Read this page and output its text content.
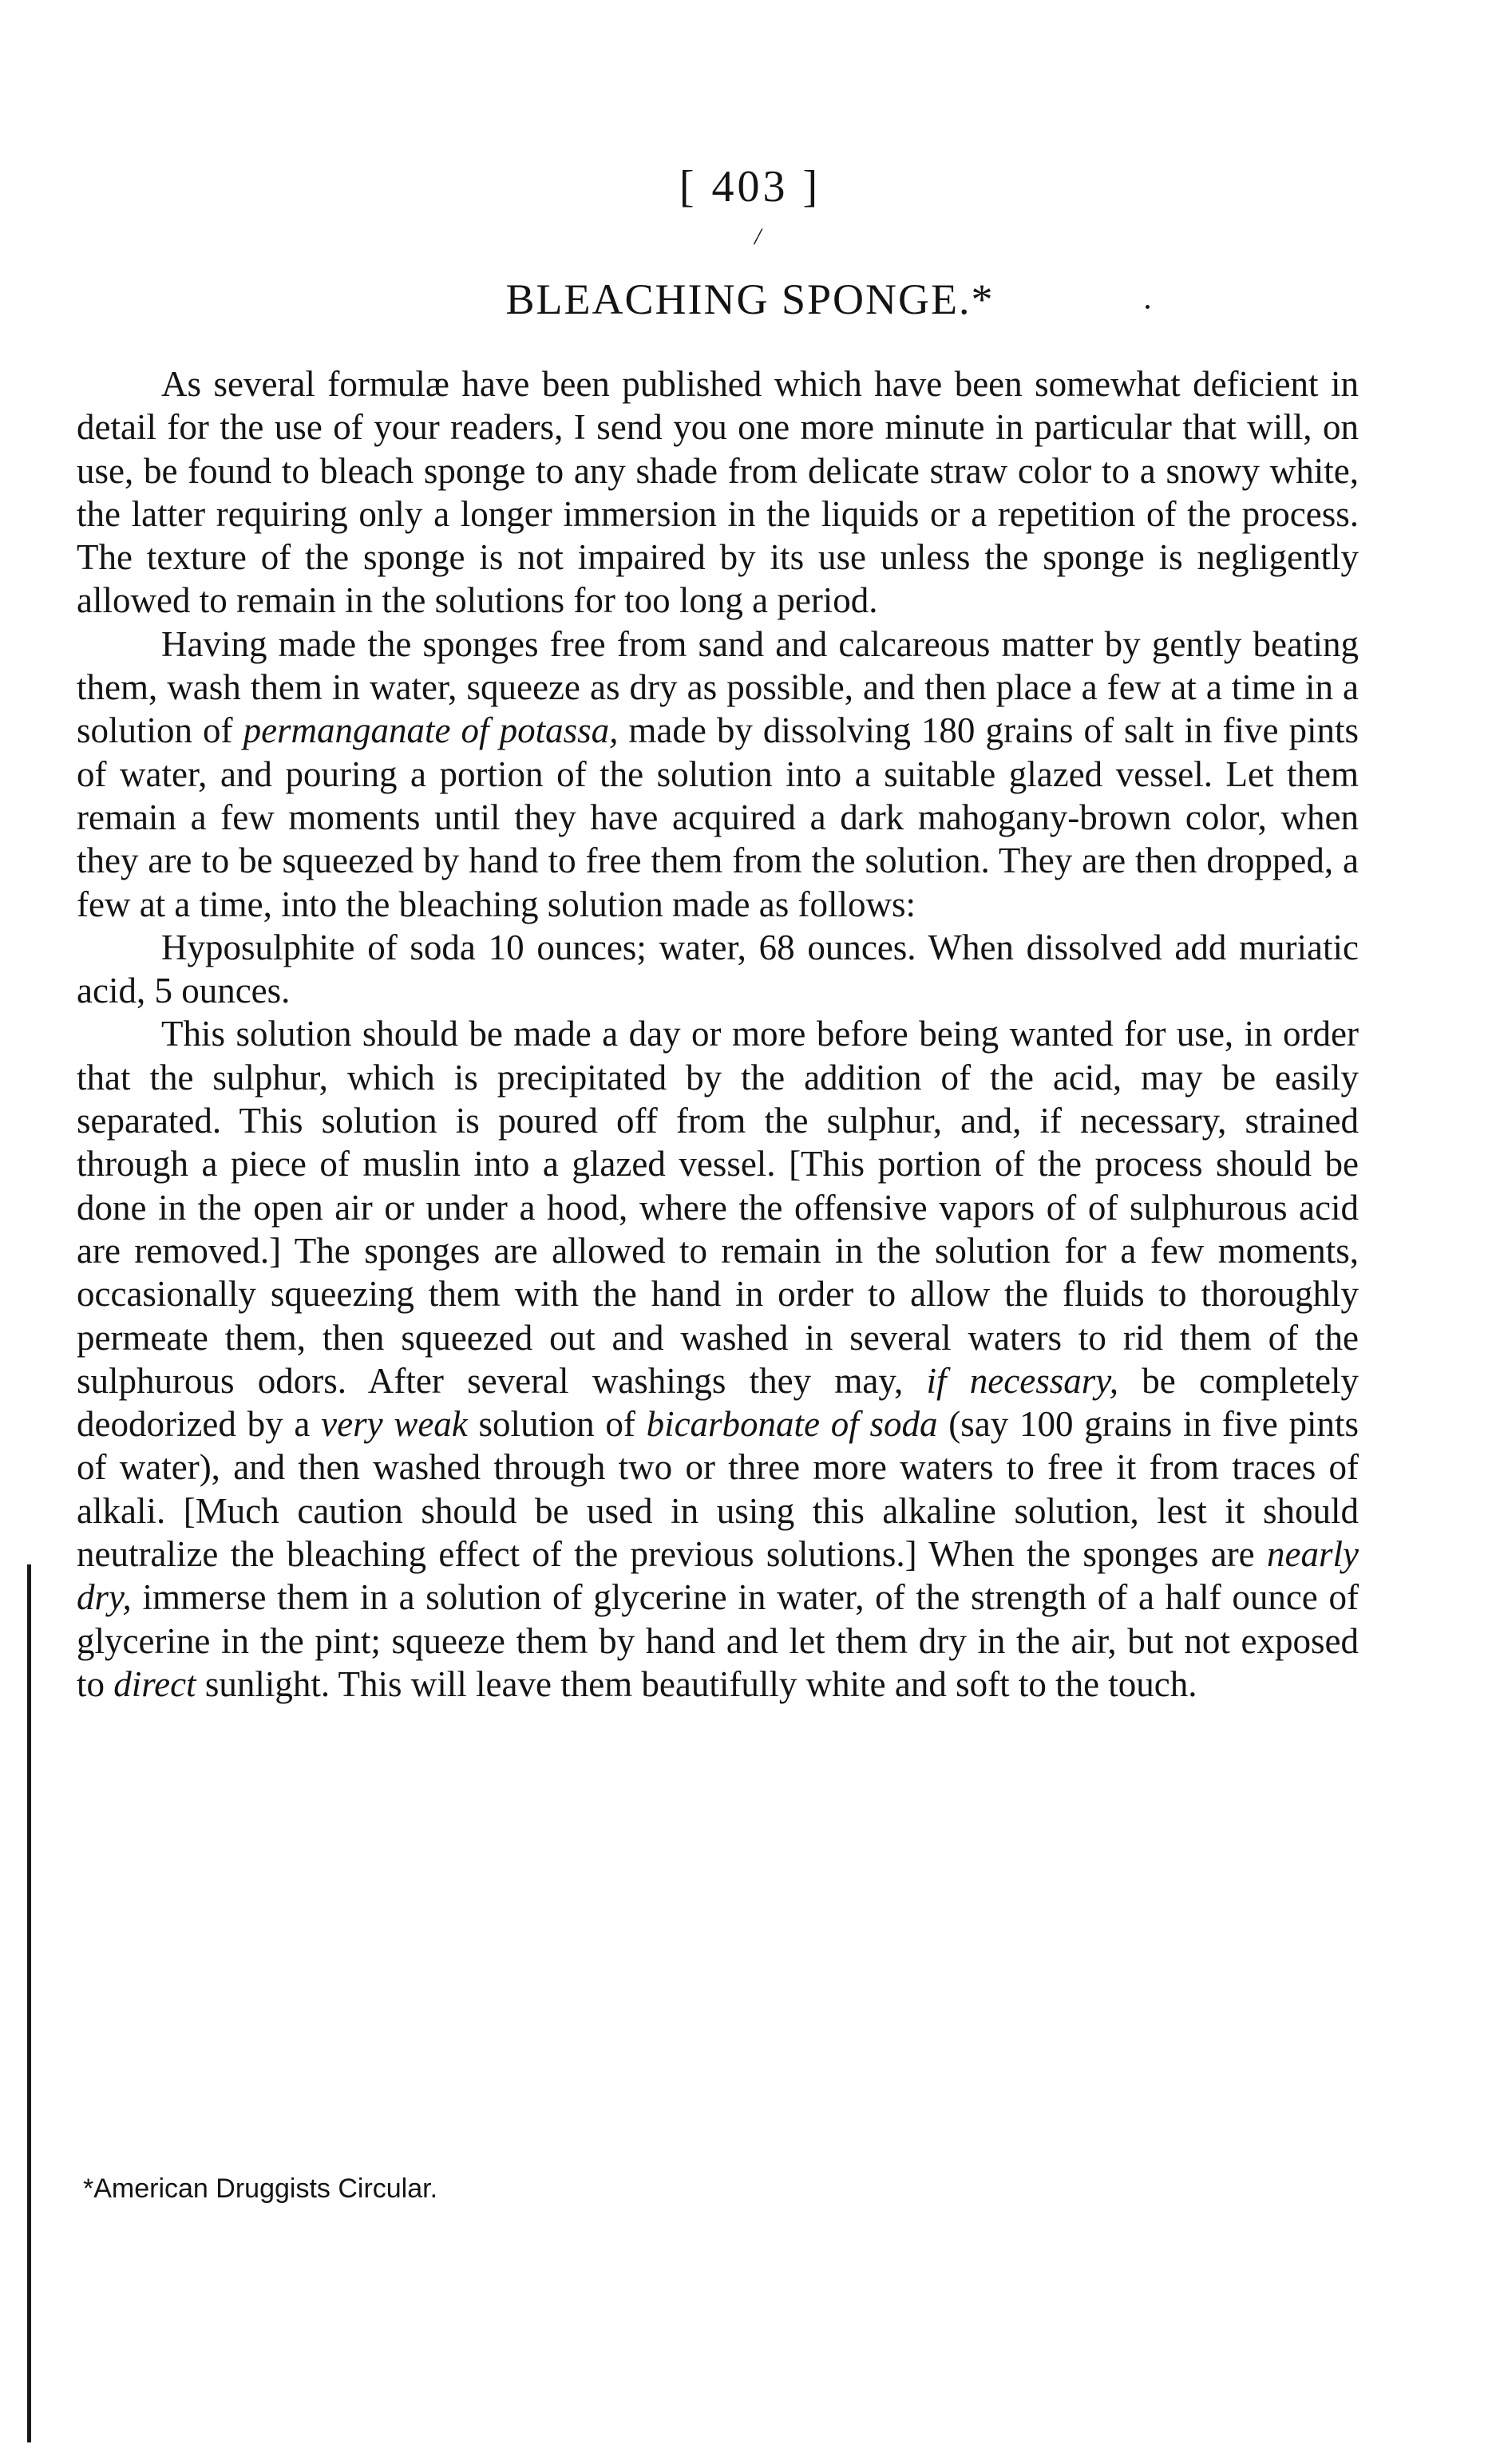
[ 403 ]
/
BLEACHING SPONGE.*

As several formulæ have been published which have been somewhat deficient in detail for the use of your readers, I send you one more minute in particular that will, on use, be found to bleach sponge to any shade from delicate straw color to a snowy white, the latter requiring only a longer immersion in the liquids or a repetition of the process. The texture of the sponge is not impaired by its use unless the sponge is negligently allowed to remain in the solutions for too long a period.

Having made the sponges free from sand and calcareous matter by gently beating them, wash them in water, squeeze as dry as possible, and then place a few at a time in a solution of permanganate of potassa, made by dissolving 180 grains of salt in five pints of water, and pouring a portion of the solution into a suitable glazed vessel. Let them remain a few moments until they have acquired a dark mahogany-brown color, when they are to be squeezed by hand to free them from the solution. They are then dropped, a few at a time, into the bleaching solution made as follows:

Hyposulphite of soda 10 ounces; water, 68 ounces. When dissolved add muriatic acid, 5 ounces.

This solution should be made a day or more before being wanted for use, in order that the sulphur, which is precipitated by the addition of the acid, may be easily separated. This solution is poured off from the sulphur, and, if necessary, strained through a piece of muslin into a glazed vessel. [This portion of the process should be done in the open air or under a hood, where the offensive vapors of of sulphurous acid are removed.] The sponges are allowed to remain in the solution for a few moments, occasionally squeezing them with the hand in order to allow the fluids to thoroughly permeate them, then squeezed out and washed in several waters to rid them of the sulphurous odors. After several washings they may, if necessary, be completely deodorized by a very weak solution of bicarbonate of soda (say 100 grains in five pints of water), and then washed through two or three more waters to free it from traces of alkali. [Much caution should be used in using this alkaline solution, lest it should neutralize the bleaching effect of the previous solutions.] When the sponges are nearly dry, immerse them in a solution of glycerine in water, of the strength of a half ounce of glycerine in the pint; squeeze them by hand and let them dry in the air, but not exposed to direct sunlight. This will leave them beautifully white and soft to the touch.

*American Druggists Circular.
